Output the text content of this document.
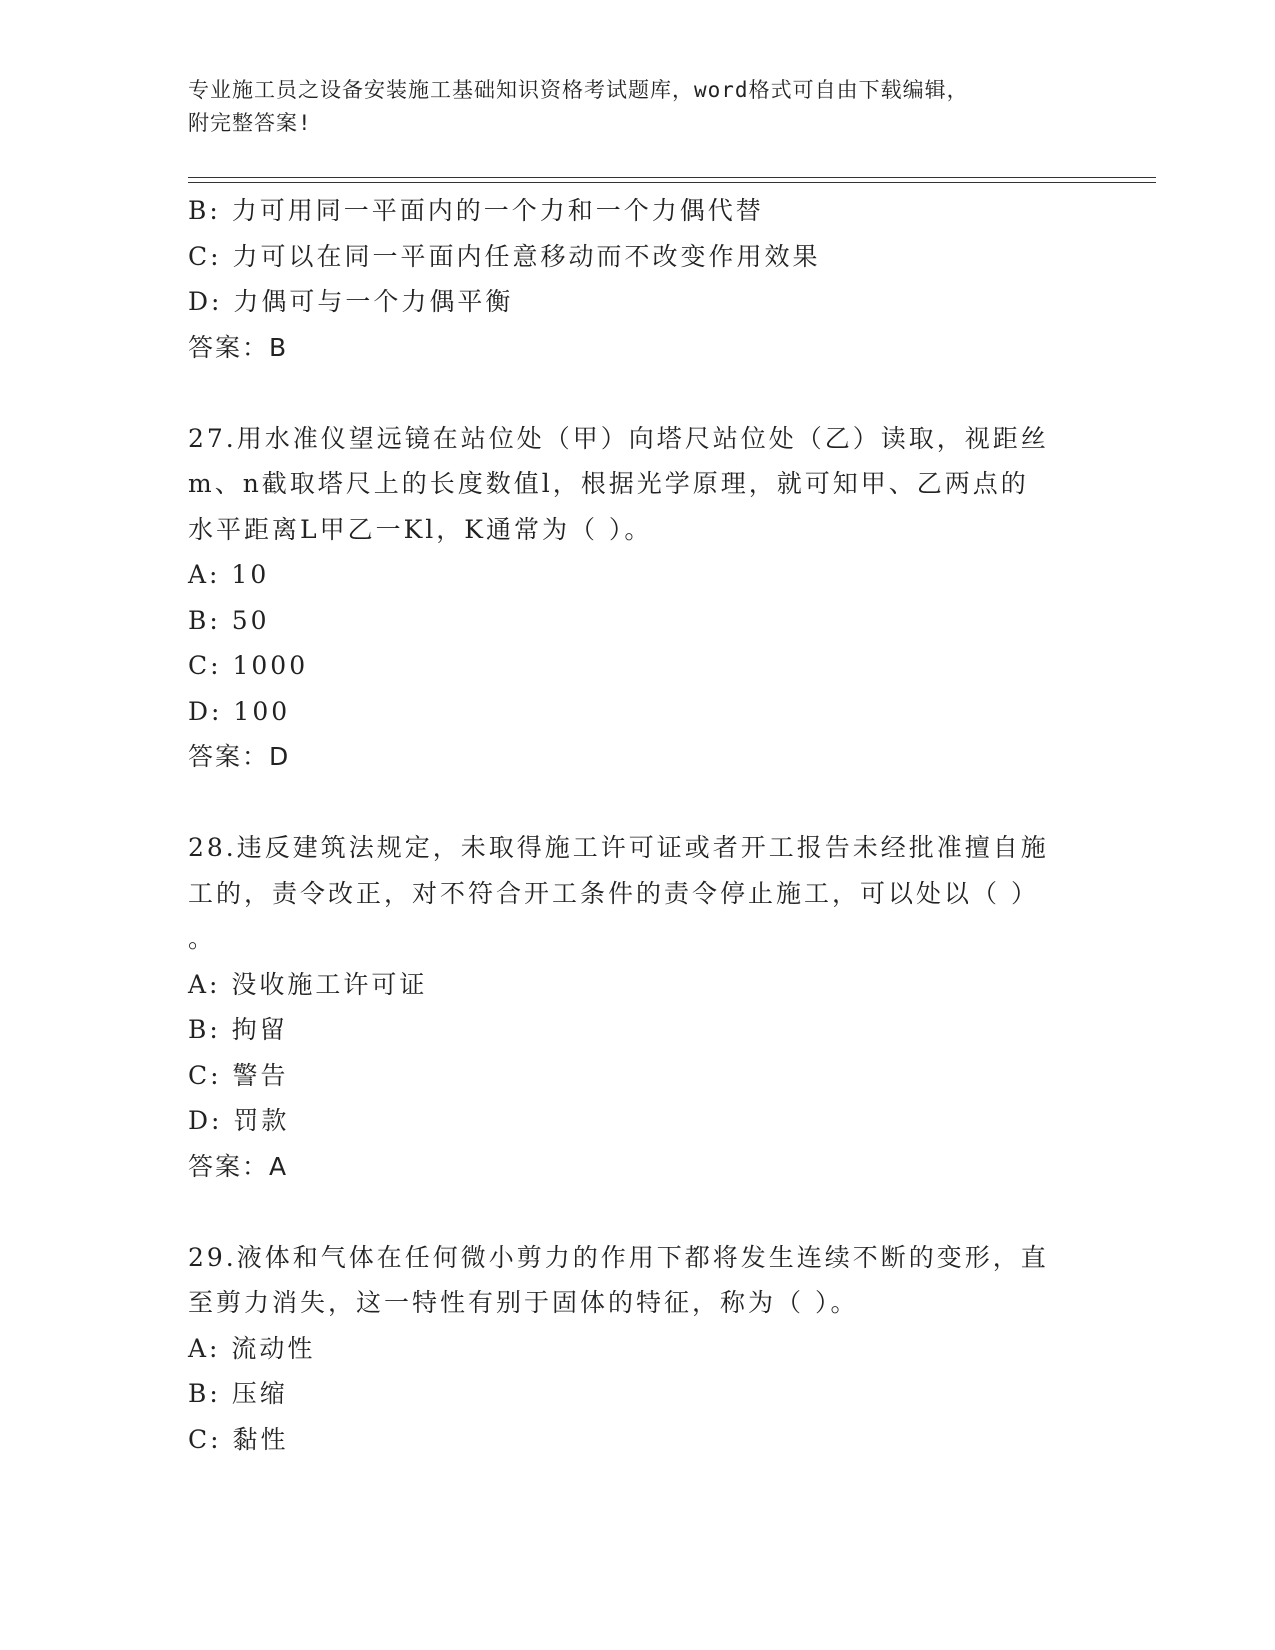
专业施工员之设备安装施工基础知识资格考试题库，word格式可自由下载编辑，
附完整答案!
B: 力可用同一平面内的一个力和一个力偶代替
C: 力可以在同一平面内任意移动而不改变作用效果
D: 力偶可与一个力偶平衡
答案：B
27.用水准仪望远镜在站位处（甲）向塔尺站位处（乙）读取，视距丝
m、n截取塔尺上的长度数值l，根据光学原理，就可知甲、乙两点的
水平距离L甲乙一Kl，K通常为（ ）。
A: 10
B: 50
C: 1000
D: 100
答案：D
28.违反建筑法规定，未取得施工许可证或者开工报告未经批准擅自施
工的，责令改正，对不符合开工条件的责令停止施工，可以处以（ ）
。
A: 没收施工许可证
B: 拘留
C: 警告
D: 罚款
答案：A
29.液体和气体在任何微小剪力的作用下都将发生连续不断的变形，直
至剪力消失，这一特性有别于固体的特征，称为（ ）。
A: 流动性
B: 压缩
C: 黏性
